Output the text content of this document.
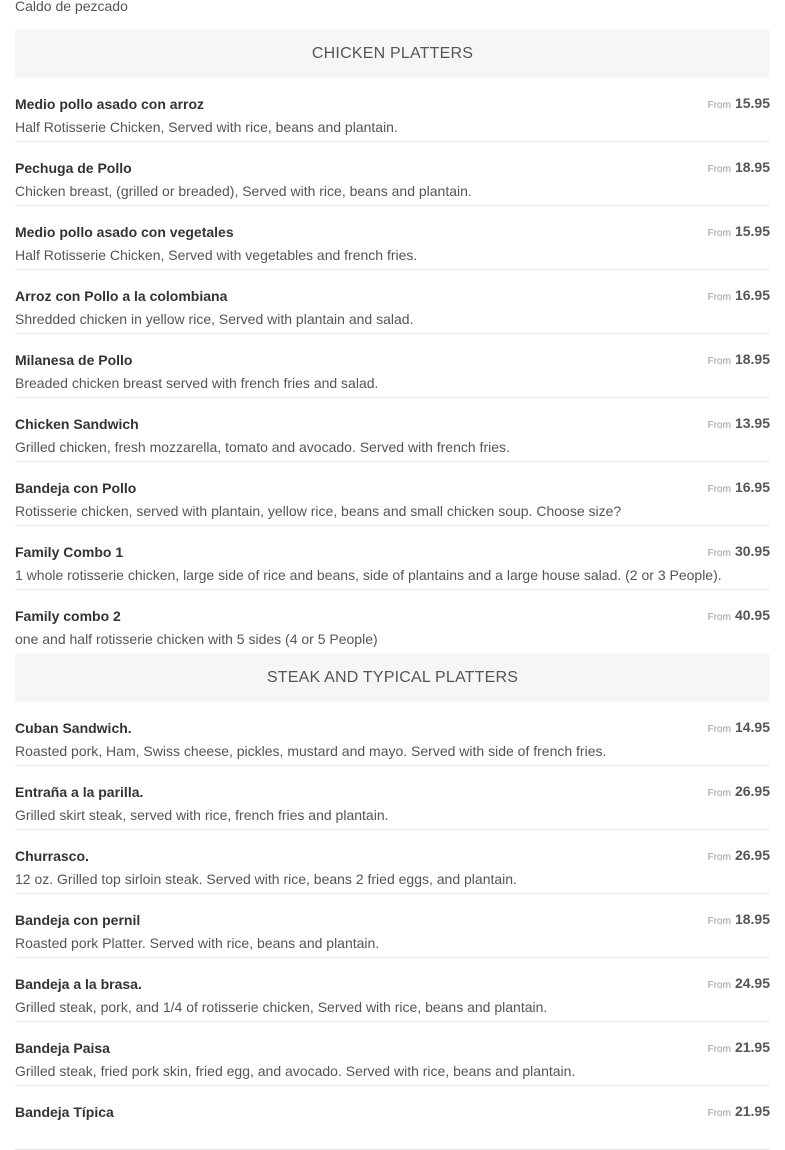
Caldo de pezcado
CHICKEN PLATTERS
Medio pollo asado con arroz
Half Rotisserie Chicken, Served with rice, beans and plantain.
From 15.95
Pechuga de Pollo
Chicken breast, (grilled or breaded), Served with rice, beans and plantain.
From 18.95
Medio pollo asado con vegetales
Half Rotisserie Chicken, Served with vegetables and french fries.
From 15.95
Arroz con Pollo a la colombiana
Shredded chicken in yellow rice, Served with plantain and salad.
From 16.95
Milanesa de Pollo
Breaded chicken breast served with french fries and salad.
From 18.95
Chicken Sandwich
Grilled chicken, fresh mozzarella, tomato and avocado. Served with french fries.
From 13.95
Bandeja con Pollo
Rotisserie chicken, served with plantain, yellow rice, beans and small chicken soup. Choose size?
From 16.95
Family Combo 1
1 whole rotisserie chicken, large side of rice and beans, side of plantains and a large house salad. (2 or 3 People).
From 30.95
Family combo 2
one and half rotisserie chicken with 5 sides (4 or 5 People)
From 40.95
STEAK AND TYPICAL PLATTERS
Cuban Sandwich.
Roasted pork, Ham, Swiss cheese, pickles, mustard and mayo. Served with side of french fries.
From 14.95
Entraña a la parilla.
Grilled skirt steak, served with rice, french fries and plantain.
From 26.95
Churrasco.
12 oz. Grilled top sirloin steak. Served with rice, beans 2 fried eggs, and plantain.
From 26.95
Bandeja con pernil
Roasted pork Platter. Served with rice, beans and plantain.
From 18.95
Bandeja a la brasa.
Grilled steak, pork, and 1/4 of rotisserie chicken, Served with rice, beans and plantain.
From 24.95
Bandeja Paisa
Grilled steak, fried pork skin, fried egg, and avocado. Served with rice, beans and plantain.
From 21.95
Bandeja Típica	From 21.95
